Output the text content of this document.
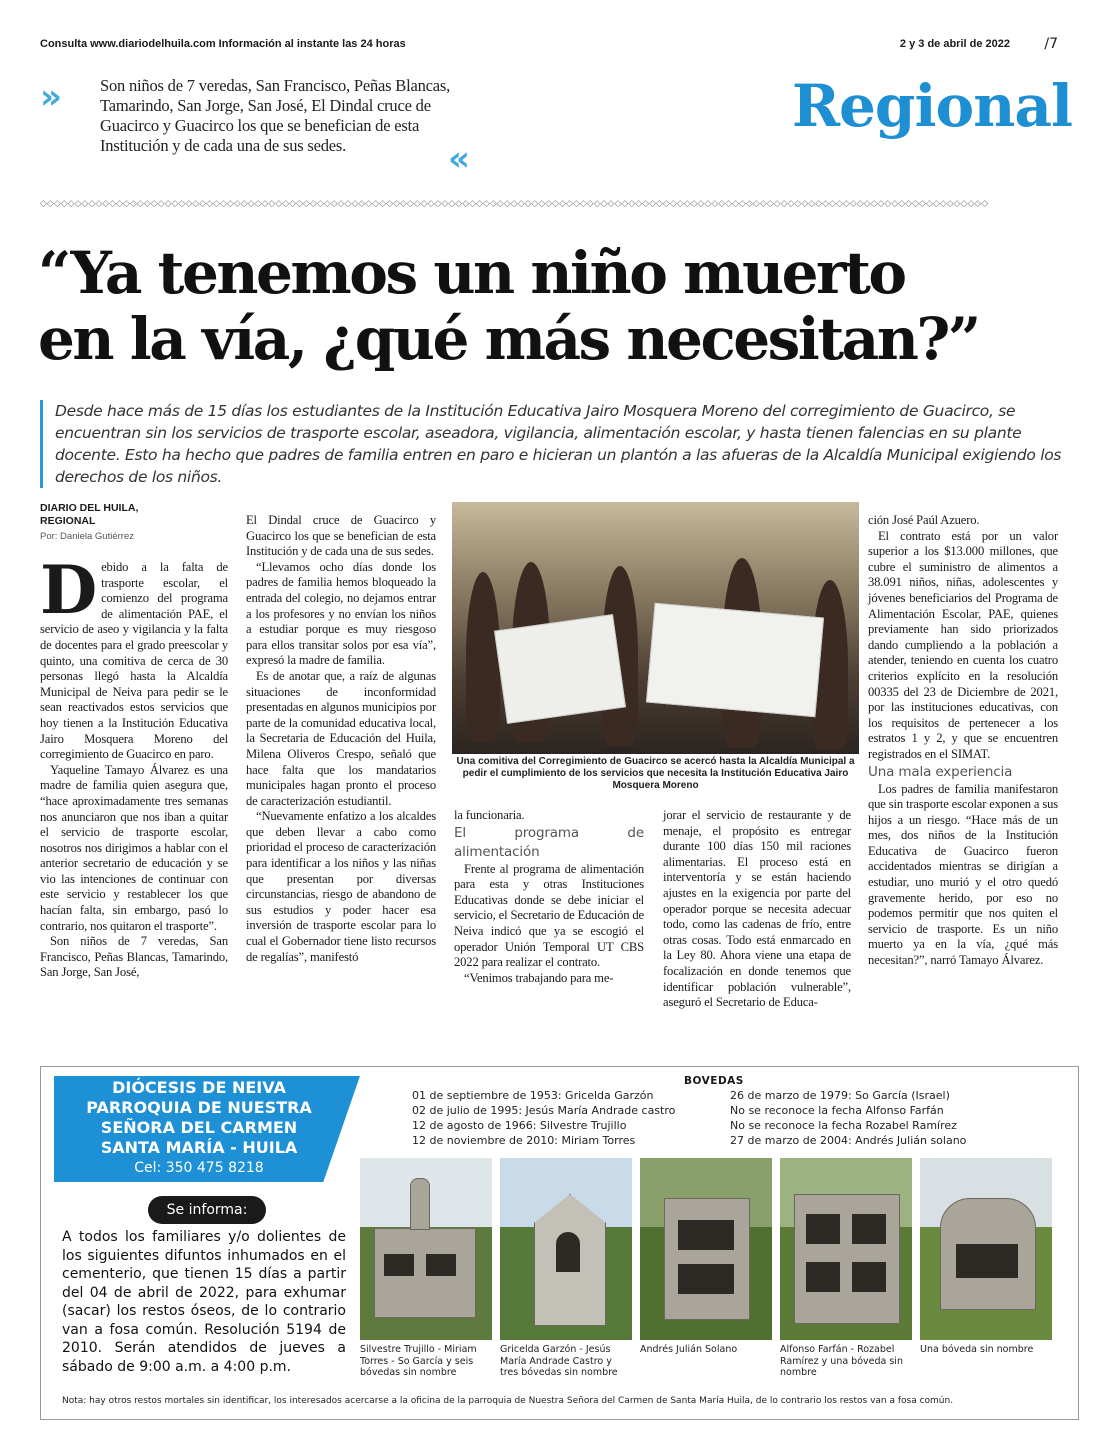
Consulta www.diariodelhuila.com Información al instante las 24 horas	2 y 3 de abril de 2022 /7
»	Son niños de 7 veredas, San Francisco, Peñas Blancas, Tamarindo, San Jorge, San José, El Dindal cruce de Guacirco y Guacirco los que se benefician de esta Institución y de cada una de sus sedes.	«
Regional
◇◇◇◇◇◇◇◇◇◇◇◇◇◇◇◇◇◇◇◇◇◇◇◇◇◇◇◇◇◇◇◇◇◇◇◇◇◇◇◇◇◇◇◇◇◇◇◇◇◇◇◇◇◇◇◇◇◇◇◇◇◇◇◇◇◇◇◇◇◇◇◇◇◇◇◇◇◇◇◇◇◇◇◇◇◇◇◇◇◇◇◇◇◇◇◇◇◇◇◇◇◇◇◇◇◇◇◇◇◇◇◇◇◇◇◇◇◇◇◇◇◇◇◇◇◇◇◇◇◇◇◇◇◇◇◇◇
“Ya tenemos un niño muerto
en la vía, ¿qué más necesitan?”
Desde hace más de 15 días los estudiantes de la Institución Educativa Jairo Mosquera Moreno del corregimiento de Guacirco, se encuentran sin los servicios de trasporte escolar, aseadora, vigilancia, alimentación escolar, y hasta tienen falencias en su plante docente. Esto ha hecho que padres de familia entren en paro e hicieran un plantón a las afueras de la Alcaldía Municipal exigiendo los derechos de los niños.
DIARIO DEL HUILA,
REGIONAL
Por: Daniela Gutiérrez

Debido a la falta de trasporte escolar, el comienzo del programa de alimentación PAE, el servicio de aseo y vigilancia y la falta de docentes para el grado preescolar y quinto, una comitiva de cerca de 30 personas llegó hasta la Alcaldía Municipal de Neiva para pedir se le sean reactivados estos servicios que hoy tienen a la Institución Educativa Jairo Mosquera Moreno del corregimiento de Guacirco en paro.

Yaqueline Tamayo Álvarez es una madre de familia quien asegura que, “hace aproximadamente tres semanas nos anunciaron que nos iban a quitar el servicio de trasporte escolar, nosotros nos dirigimos a hablar con el anterior secretario de educación y se vio las intenciones de continuar con este servicio y restablecer los que hacían falta, sin embargo, pasó lo contrario, nos quitaron el trasporte”.

Son niños de 7 veredas, San Francisco, Peñas Blancas, Tamarindo, San Jorge, San José,

El Dindal cruce de Guacirco y Guacirco los que se benefician de esta Institución y de cada una de sus sedes.

“Llevamos ocho días donde los padres de familia hemos bloqueado la entrada del colegio, no dejamos entrar a los profesores y no envían los niños a estudiar porque es muy riesgoso para ellos transitar solos por esa vía”, expresó la madre de familia.

Es de anotar que, a raíz de algunas situaciones de inconformidad presentadas en algunos municipios por parte de la comunidad educativa local, la Secretaria de Educación del Huila, Milena Oliveros Crespo, señaló que hace falta que los mandatarios municipales hagan pronto el proceso de caracterización estudiantil.

“Nuevamente enfatizo a los alcaldes que deben llevar a cabo como prioridad el proceso de caracterización para identificar a los niños y las niñas que presentan por diversas circunstancias, riesgo de abandono de sus estudios y poder hacer esa inversión de trasporte escolar para lo cual el Gobernador tiene listo recursos de regalías”, manifestó

Una comitiva del Corregimiento de Guacirco se acercó hasta la Alcaldía Municipal a pedir el cumplimiento de los servicios que necesita la Institución Educativa Jairo Mosquera Moreno

la funcionaria.

El programa de alimentación

Frente al programa de alimentación para esta y otras Instituciones Educativas donde se debe iniciar el servicio, el Secretario de Educación de Neiva indicó que ya se escogió el operador Unión Temporal UT CBS 2022 para realizar el contrato.

“Venimos trabajando para me-

jorar el servicio de restaurante y de menaje, el propósito es entregar durante 100 días 150 mil raciones alimentarias. El proceso está en interventoría y se están haciendo ajustes en la exigencia por parte del operador porque se necesita adecuar todo, como las cadenas de frío, entre otras cosas. Todo está enmarcado en la Ley 80. Ahora viene una etapa de focalización en donde tenemos que identificar población vulnerable”, aseguró el Secretario de Educa-

ción José Paúl Azuero.

El contrato está por un valor superior a los $13.000 millones, que cubre el suministro de alimentos a 38.091 niños, niñas, adolescentes y jóvenes beneficiarios del Programa de Alimentación Escolar, PAE, quienes previamente han sido priorizados dando cumpliendo a la población a atender, teniendo en cuenta los cuatro criterios explícito en la resolución 00335 del 23 de Diciembre de 2021, por las instituciones educativas, con los requisitos de pertenecer a los estratos 1 y 2, y que se encuentren registrados en el SIMAT.

Una mala experiencia

Los padres de familia manifestaron que sin trasporte escolar exponen a sus hijos a un riesgo. “Hace más de un mes, dos niños de la Institución Educativa de Guacirco fueron accidentados mientras se dirigían a estudiar, uno murió y el otro quedó gravemente herido, por eso no podemos permitir que nos quiten el servicio de trasporte. Es un niño muerto ya en la vía, ¿qué más necesitan?”, narró Tamayo Álvarez.

DIÓCESIS DE NEIVA
PARROQUIA DE NUESTRA
SEÑORA DEL CARMEN
SANTA MARÍA - HUILA
Cel: 350 475 8218
Se informa:
A todos los familiares y/o dolientes de los siguientes difuntos inhumados en el cementerio, que tienen 15 días a partir del 04 de abril de 2022, para exhumar (sacar) los restos óseos, de lo contrario van a fosa común. Resolución 5194 de 2010. Serán atendidos de jueves a sábado de 9:00 a.m. a 4:00 p.m.
BOVEDAS
01 de septiembre de 1953: Gricelda Garzón
02 de julio de 1995: Jesús María Andrade castro
12 de agosto de 1966: Silvestre Trujillo
12 de noviembre de 2010: Miriam Torres
26 de marzo de 1979: So García (Israel)
No se reconoce la fecha Alfonso Farfán
No se reconoce la fecha Rozabel Ramírez
27 de marzo de 2004: Andrés Julián solano
Silvestre Trujillo - Miriam Torres - So García y seis bóvedas sin nombre
Gricelda Garzón - Jesús María Andrade Castro y tres bóvedas sin nombre
Andrés Julián Solano	Alfonso Farfán - Rozabel Ramírez y una bóveda sin nombre
Una bóveda sin nombre
Nota: hay otros restos mortales sin identificar, los interesados acercarse a la oficina de la parroquia de Nuestra Señora del Carmen de Santa María Huila, de lo contrario los restos van a fosa común.
